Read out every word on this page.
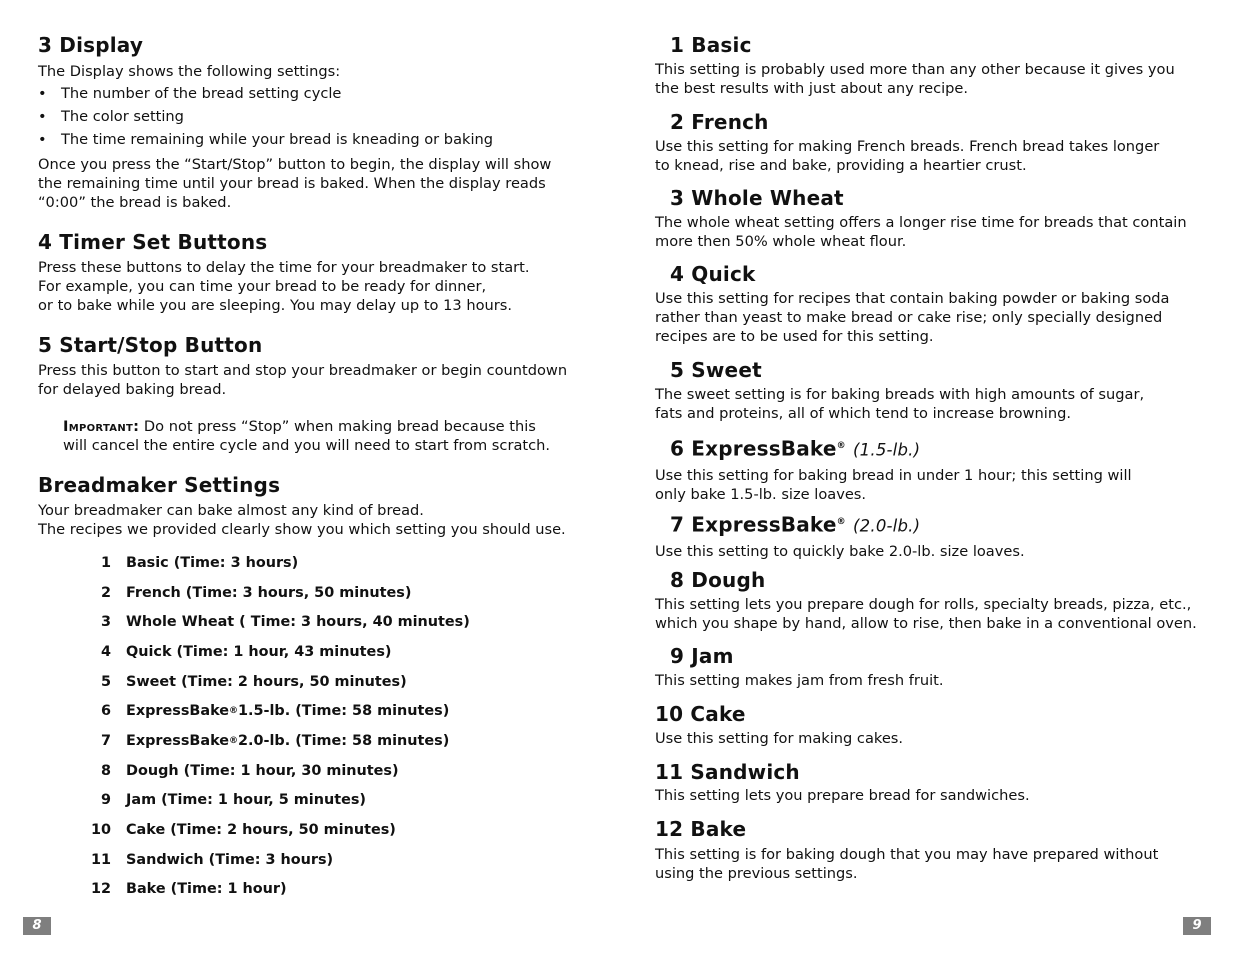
3 Display

The Display shows the following settings:

• The number of the bread setting cycle
• The color setting
• The time remaining while your bread is kneading or baking

Once you press the “Start/Stop” button to begin, the display will show

the remaining time until your bread is baked. When the display reads

“0:00” the bread is baked.

4 Timer Set Buttons

Press these buttons to delay the time for your breadmaker to start.

For example, you can time your bread to be ready for dinner,

or to bake while you are sleeping. You may delay up to 13 hours.

5 Start/Stop Button

Press this button to start and stop your breadmaker or begin countdown

for delayed baking bread.

Important: Do not press “Stop” when making bread because this

will cancel the entire cycle and you will need to start from scratch.

Breadmaker Settings

Your breadmaker can bake almost any kind of bread.

The recipes we provided clearly show you which setting you should use.

1 Basic (Time: 3 hours)
2 French (Time: 3 hours, 50 minutes)
3 Whole Wheat ( Time: 3 hours, 40 minutes)
4 Quick (Time: 1 hour, 43 minutes)
5 Sweet (Time: 2 hours, 50 minutes)
6 ExpressBake ® 1.5-lb. (Time: 58 minutes)
7 ExpressBake ® 2.0-lb. (Time: 58 minutes)
8 Dough (Time: 1 hour, 30 minutes)
9 Jam (Time: 1 hour, 5 minutes)
10 Cake (Time: 2 hours, 50 minutes)
11 Sandwich (Time: 3 hours)
12 Bake (Time: 1 hour)
1 Basic

This setting is probably used more than any other because it gives you

the best results with just about any recipe.

2 French

Use this setting for making French breads. French bread takes longer

to knead, rise and bake, providing a heartier crust.

3 Whole Wheat

The whole wheat setting offers a longer rise time for breads that contain

more then 50% whole wheat flour.

4 Quick

Use this setting for recipes that contain baking powder or baking soda

rather than yeast to make bread or cake rise; only specially designed

recipes are to be used for this setting.

5 Sweet

The sweet setting is for baking breads with high amounts of sugar,

fats and proteins, all of which tend to increase browning.

6 ExpressBake® (1.5-lb.)

Use this setting for baking bread in under 1 hour; this setting will

only bake 1.5-lb. size loaves.

7 ExpressBake® (2.0-lb.)

Use this setting to quickly bake 2.0-lb. size loaves.

8 Dough

This setting lets you prepare dough for rolls, specialty breads, pizza, etc.,

which you shape by hand, allow to rise, then bake in a conventional oven.

9 Jam

This setting makes jam from fresh fruit.

10 Cake

Use this setting for making cakes.

11 Sandwich

This setting lets you prepare bread for sandwiches.

12 Bake

This setting is for baking dough that you may have prepared without

using the previous settings.

8	9
